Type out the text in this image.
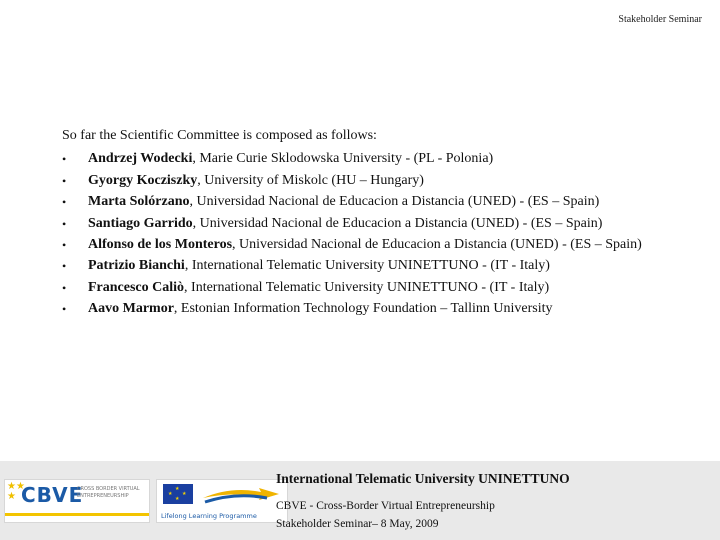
Stakeholder Seminar

So far the Scientific Committee is composed as follows:

• Andrzej Wodecki, Marie Curie Sklodowska University - (PL - Polonia)
• Gyorgy Kocziszky, University of Miskolc (HU – Hungary)
• Marta Solórzano, Universidad Nacional de Educacion a Distancia (UNED) - (ES – Spain)
• Santiago Garrido, Universidad Nacional de Educacion a Distancia (UNED) - (ES – Spain)
• Alfonso de los Monteros, Universidad Nacional de Educacion a Distancia (UNED) - (ES – Spain)
• Patrizio Bianchi, International Telematic University UNINETTUNO - (IT - Italy)
• Francesco Caliò, International Telematic University UNINETTUNO - (IT - Italy)
• Aavo Marmor, Estonian Information Technology Foundation – Tallinn University
★★
★ CBVE
CROSS BORDER VIRTUAL ENTREPRENEURSHIP
★
★ ★
★
Lifelong Learning Programme
International Telematic University UNINETTUNO
CBVE - Cross-Border Virtual Entrepreneurship
Stakeholder Seminar– 8 May, 2009
